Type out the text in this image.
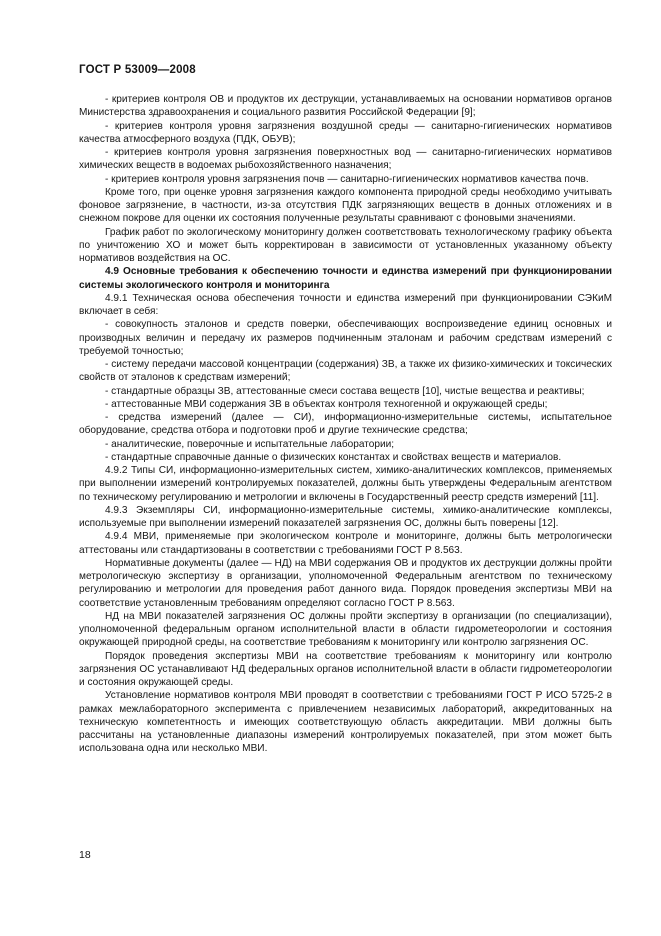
ГОСТ Р 53009—2008

- критериев контроля ОВ и продуктов их деструкции, устанавливаемых на основании нормативов органов Министерства здравоохранения и социального развития Российской Федерации [9];

- критериев контроля уровня загрязнения воздушной среды — санитарно-гигиенических нормативов качества атмосферного воздуха (ПДК, ОБУВ);

- критериев контроля уровня загрязнения поверхностных вод — санитарно-гигиенических нормативов химических веществ в водоемах рыбохозяйственного назначения;

- критериев контроля уровня загрязнения почв — санитарно-гигиенических нормативов качества почв.

Кроме того, при оценке уровня загрязнения каждого компонента природной среды необходимо учитывать фоновое загрязнение, в частности, из-за отсутствия ПДК загрязняющих веществ в донных отложениях и в снежном покрове для оценки их состояния полученные результаты сравнивают с фоновыми значениями.

График работ по экологическому мониторингу должен соответствовать технологическому графику объекта по уничтожению ХО и может быть корректирован в зависимости от установленных указанному объекту нормативов воздействия на ОС.

4.9 Основные требования к обеспечению точности и единства измерений при функционировании системы экологического контроля и мониторинга

4.9.1 Техническая основа обеспечения точности и единства измерений при функционировании СЭКиМ включает в себя:

- совокупность эталонов и средств поверки, обеспечивающих воспроизведение единиц основных и производных величин и передачу их размеров подчиненным эталонам и рабочим средствам измерений с требуемой точностью;

- систему передачи массовой концентрации (содержания) ЗВ, а также их физико-химических и токсических свойств от эталонов к средствам измерений;

- стандартные образцы ЗВ, аттестованные смеси состава веществ [10], чистые вещества и реактивы;

- аттестованные МВИ содержания ЗВ в объектах контроля техногенной и окружающей среды;

- средства измерений (далее — СИ), информационно-измерительные системы, испытательное оборудование, средства отбора и подготовки проб и другие технические средства;

- аналитические, поверочные и испытательные лаборатории;

- стандартные справочные данные о физических константах и свойствах веществ и материалов.

4.9.2 Типы СИ, информационно-измерительных систем, химико-аналитических комплексов, применяемых при выполнении измерений контролируемых показателей, должны быть утверждены Федеральным агентством по техническому регулированию и метрологии и включены в Государственный реестр средств измерений [11].

4.9.3 Экземпляры СИ, информационно-измерительные системы, химико-аналитические комплексы, используемые при выполнении измерений показателей загрязнения ОС, должны быть поверены [12].

4.9.4 МВИ, применяемые при экологическом контроле и мониторинге, должны быть метрологически аттестованы или стандартизованы в соответствии с требованиями ГОСТ Р 8.563.

Нормативные документы (далее — НД) на МВИ содержания ОВ и продуктов их деструкции должны пройти метрологическую экспертизу в организации, уполномоченной Федеральным агентством по техническому регулированию и метрологии для проведения работ данного вида. Порядок проведения экспертизы МВИ на соответствие установленным требованиям определяют согласно ГОСТ Р 8.563.

НД на МВИ показателей загрязнения ОС должны пройти экспертизу в организации (по специализации), уполномоченной федеральным органом исполнительной власти в области гидрометеорологии и состояния окружающей природной среды, на соответствие требованиям к мониторингу или контролю загрязнения ОС.

Порядок проведения экспертизы МВИ на соответствие требованиям к мониторингу или контролю загрязнения ОС устанавливают НД федеральных органов исполнительной власти в области гидрометеорологии и состояния окружающей среды.

Установление нормативов контроля МВИ проводят в соответствии с требованиями ГОСТ Р ИСО 5725-2 в рамках межлабораторного эксперимента с привлечением независимых лабораторий, аккредитованных на техническую компетентность и имеющих соответствующую область аккредитации. МВИ должны быть рассчитаны на установленные диапазоны измерений контролируемых показателей, при этом может быть использована одна или несколько МВИ.

18
